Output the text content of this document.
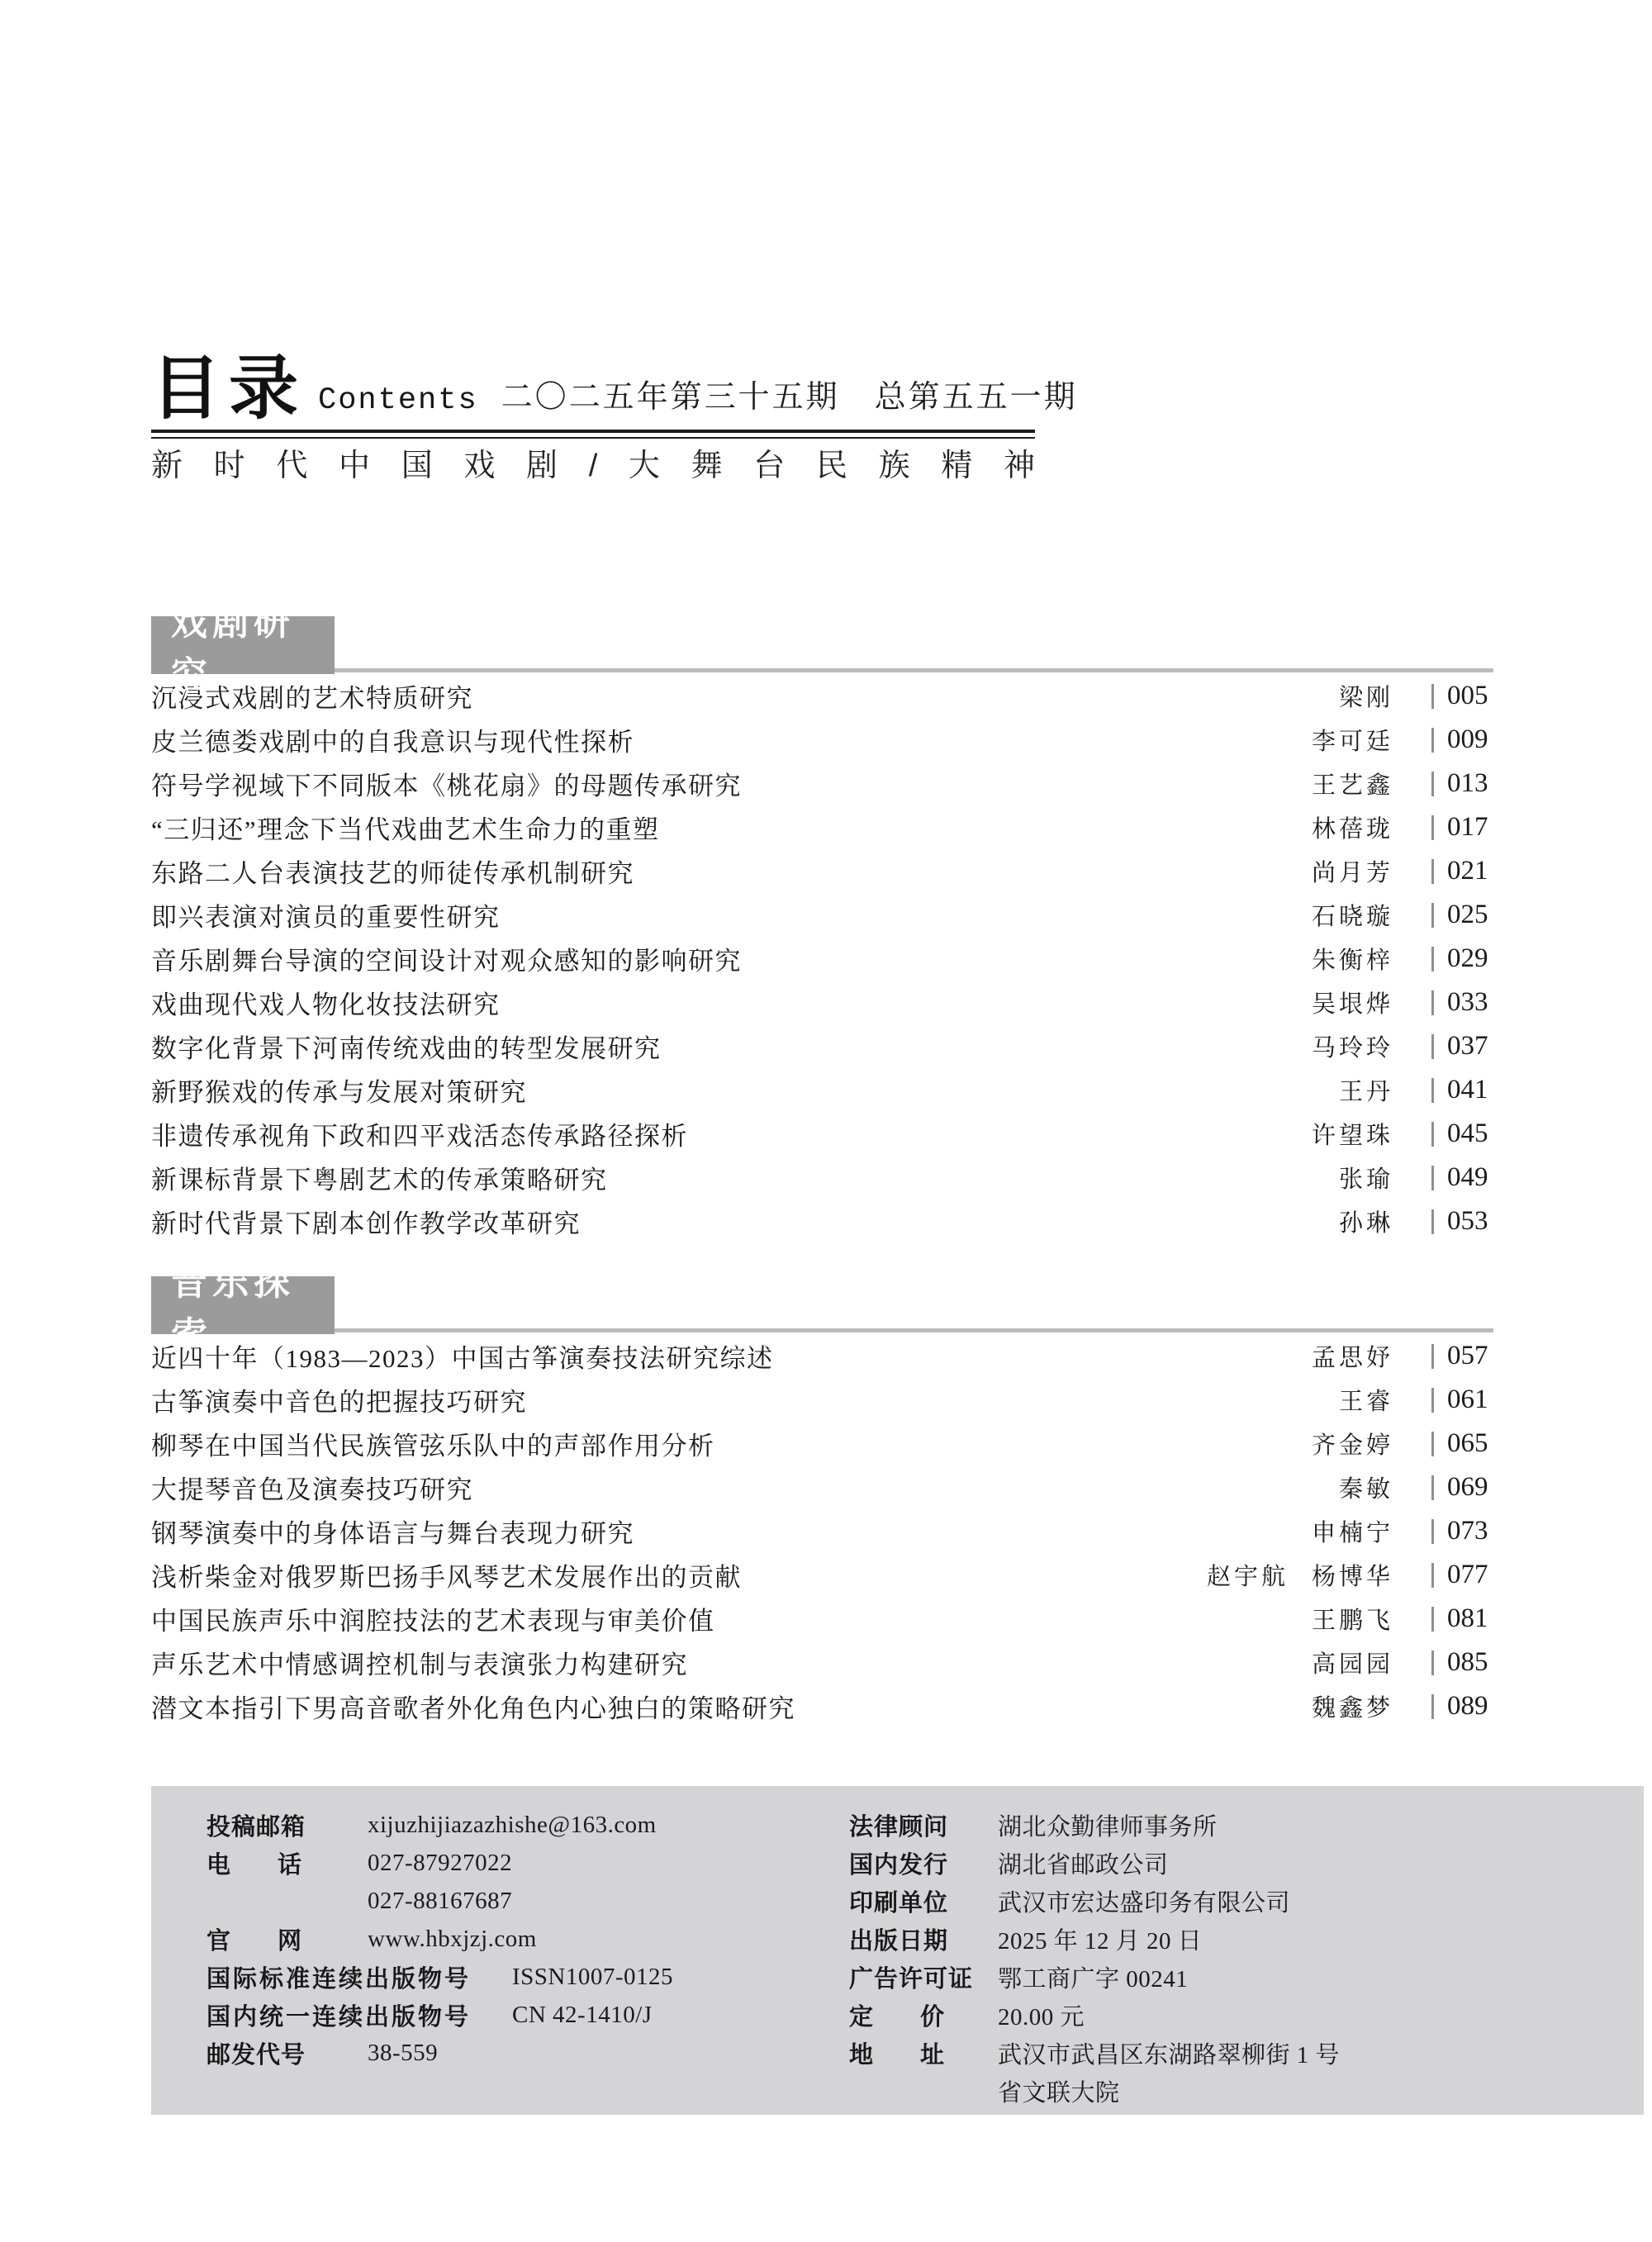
目录 Contents 二〇二五年第三十五期 总第五五一期
新 时 代 中 国 戏 剧 / 大 舞 台 民 族 精 神
戏剧研究
沉浸式戏剧的艺术特质研究	梁刚 005
皮兰德娄戏剧中的自我意识与现代性探析	李可廷 009
符号学视域下不同版本《桃花扇》的母题传承研究	王艺鑫 013
“三归还”理念下当代戏曲艺术生命力的重塑	林蓓珑 017
东路二人台表演技艺的师徒传承机制研究	尚月芳 021
即兴表演对演员的重要性研究	石晓璇 025
音乐剧舞台导演的空间设计对观众感知的影响研究	朱衡梓 029
戏曲现代戏人物化妆技法研究	吴垠烨 033
数字化背景下河南传统戏曲的转型发展研究	马玲玲 037
新野猴戏的传承与发展对策研究	王丹 041
非遗传承视角下政和四平戏活态传承路径探析	许望珠 045
新课标背景下粤剧艺术的传承策略研究	张瑜 049
新时代背景下剧本创作教学改革研究	孙琳 053
音乐探索
近四十年（1983—2023）中国古筝演奏技法研究综述	孟思妤 057
古筝演奏中音色的把握技巧研究	王睿 061
柳琴在中国当代民族管弦乐队中的声部作用分析	齐金婷 065
大提琴音色及演奏技巧研究	秦敏 069
钢琴演奏中的身体语言与舞台表现力研究	申楠宁 073
浅析柴金对俄罗斯巴扬手风琴艺术发展作出的贡献	赵宇航 杨博华 077
中国民族声乐中润腔技法的艺术表现与审美价值	王鹏飞 081
声乐艺术中情感调控机制与表演张力构建研究	高园园 085
潜文本指引下男高音歌者外化角色内心独白的策略研究	魏鑫梦 089
投稿邮箱	xijuzhijiazazhishe@163.com
电 话	027-87927022
027-88167687
官 网	www.hbxjzj.com
国际标准连续出版物号	ISSN1007-0125
国内统一连续出版物号	CN 42-1410/J
邮发代号	38-559
法律顾问	湖北众勤律师事务所
国内发行	湖北省邮政公司
印刷单位	武汉市宏达盛印务有限公司
出版日期	2025 年 12 月 20 日
广告许可证	鄂工商广字 00241
定 价 20.00 元
地 址 武汉市武昌区东湖路翠柳街 1 号
省文联大院
